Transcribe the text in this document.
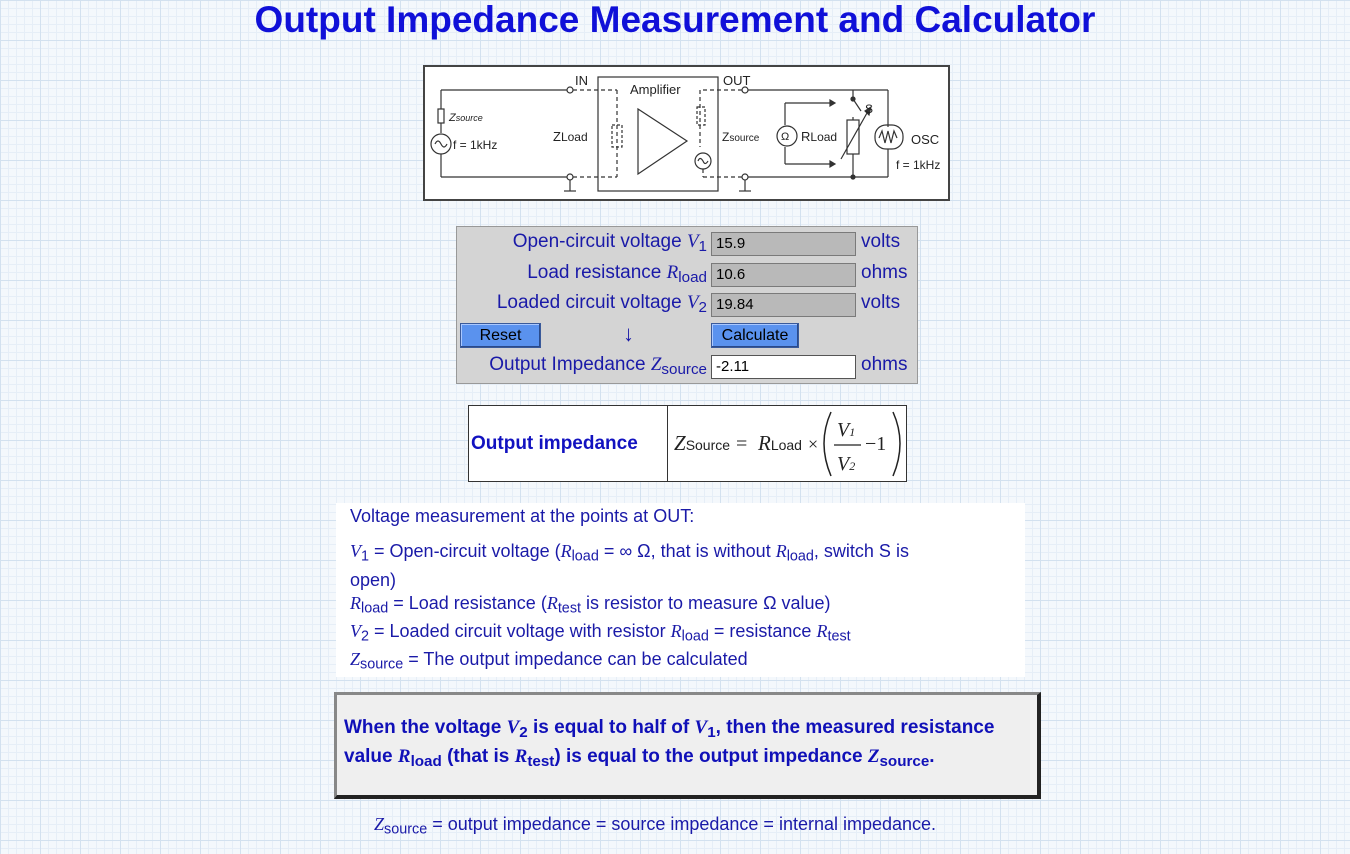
Output Impedance Measurement and Calculator
IN
Amplifier
OUT
Zsource
f = 1kHz
ZLoad	Zsource Ω RLoad
S
OSC
f = 1kHz
Open-circuit voltage $V_1$ 15.9	volts
Load resistance $R_{load}$ 10.6	ohms
Loaded circuit voltage $V_2$ 19.84	volts
Reset	↓	Calculate
Output Impedance $Z_{source}$ -2.11	ohms
Output impedance	ZSource = RLoad ×
V1
V2
−1

Voltage measurement at the points at OUT:

$V_1$ = Open-circuit voltage ($R_{load}$ = ∞ Ω, that is without $R_{load}$, switch S is

open)

$R_{load}$ = Load resistance ($R_{test}$ is resistor to measure Ω value)

$V_2$ = Loaded circuit voltage with resistor $R_{load}$ = resistance $R_{test}$

$Z_{source}$ = The output impedance can be calculated

When the voltage $V_2$ is equal to half of $V_1$, then the measured resistance

value $R_{load}$ (that is $R_{test}$) is equal to the output impedance $Z_{source}$.

$Z_{source}$ = output impedance = source impedance = internal impedance.
